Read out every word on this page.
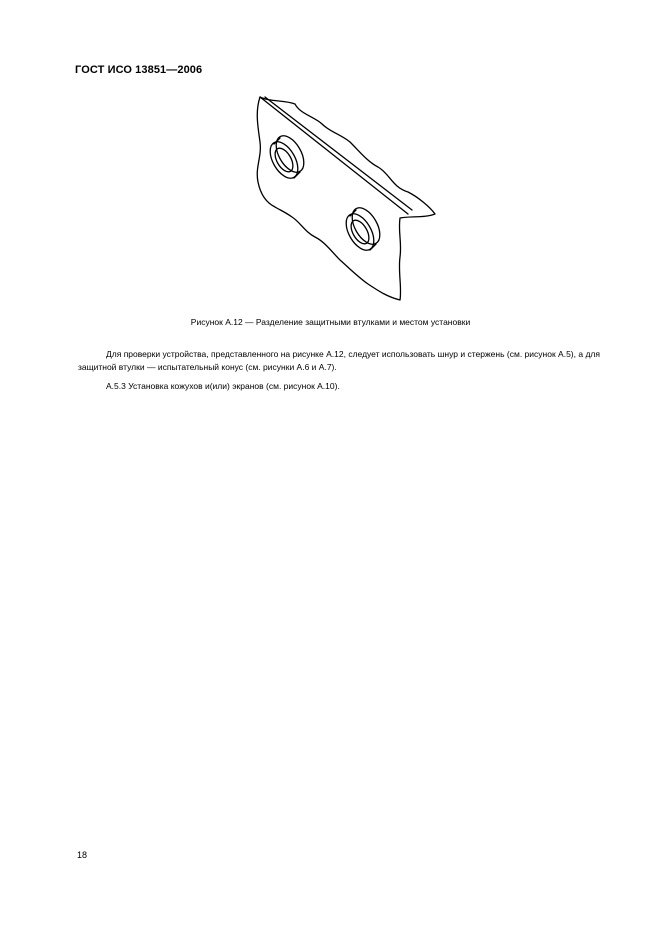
ГОСТ ИСО 13851—2006
Рисунок А.12 — Разделение защитными втулками и местом установки
Для проверки устройства, представленного на рисунке А.12, следует использовать шнур и стержень (см. рисунок А.5), а для защитной втулки — испытательный конус (см. рисунки А.6 и А.7).
А.5.3 Установка кожухов и(или) экранов (см. рисунок А.10).
18
